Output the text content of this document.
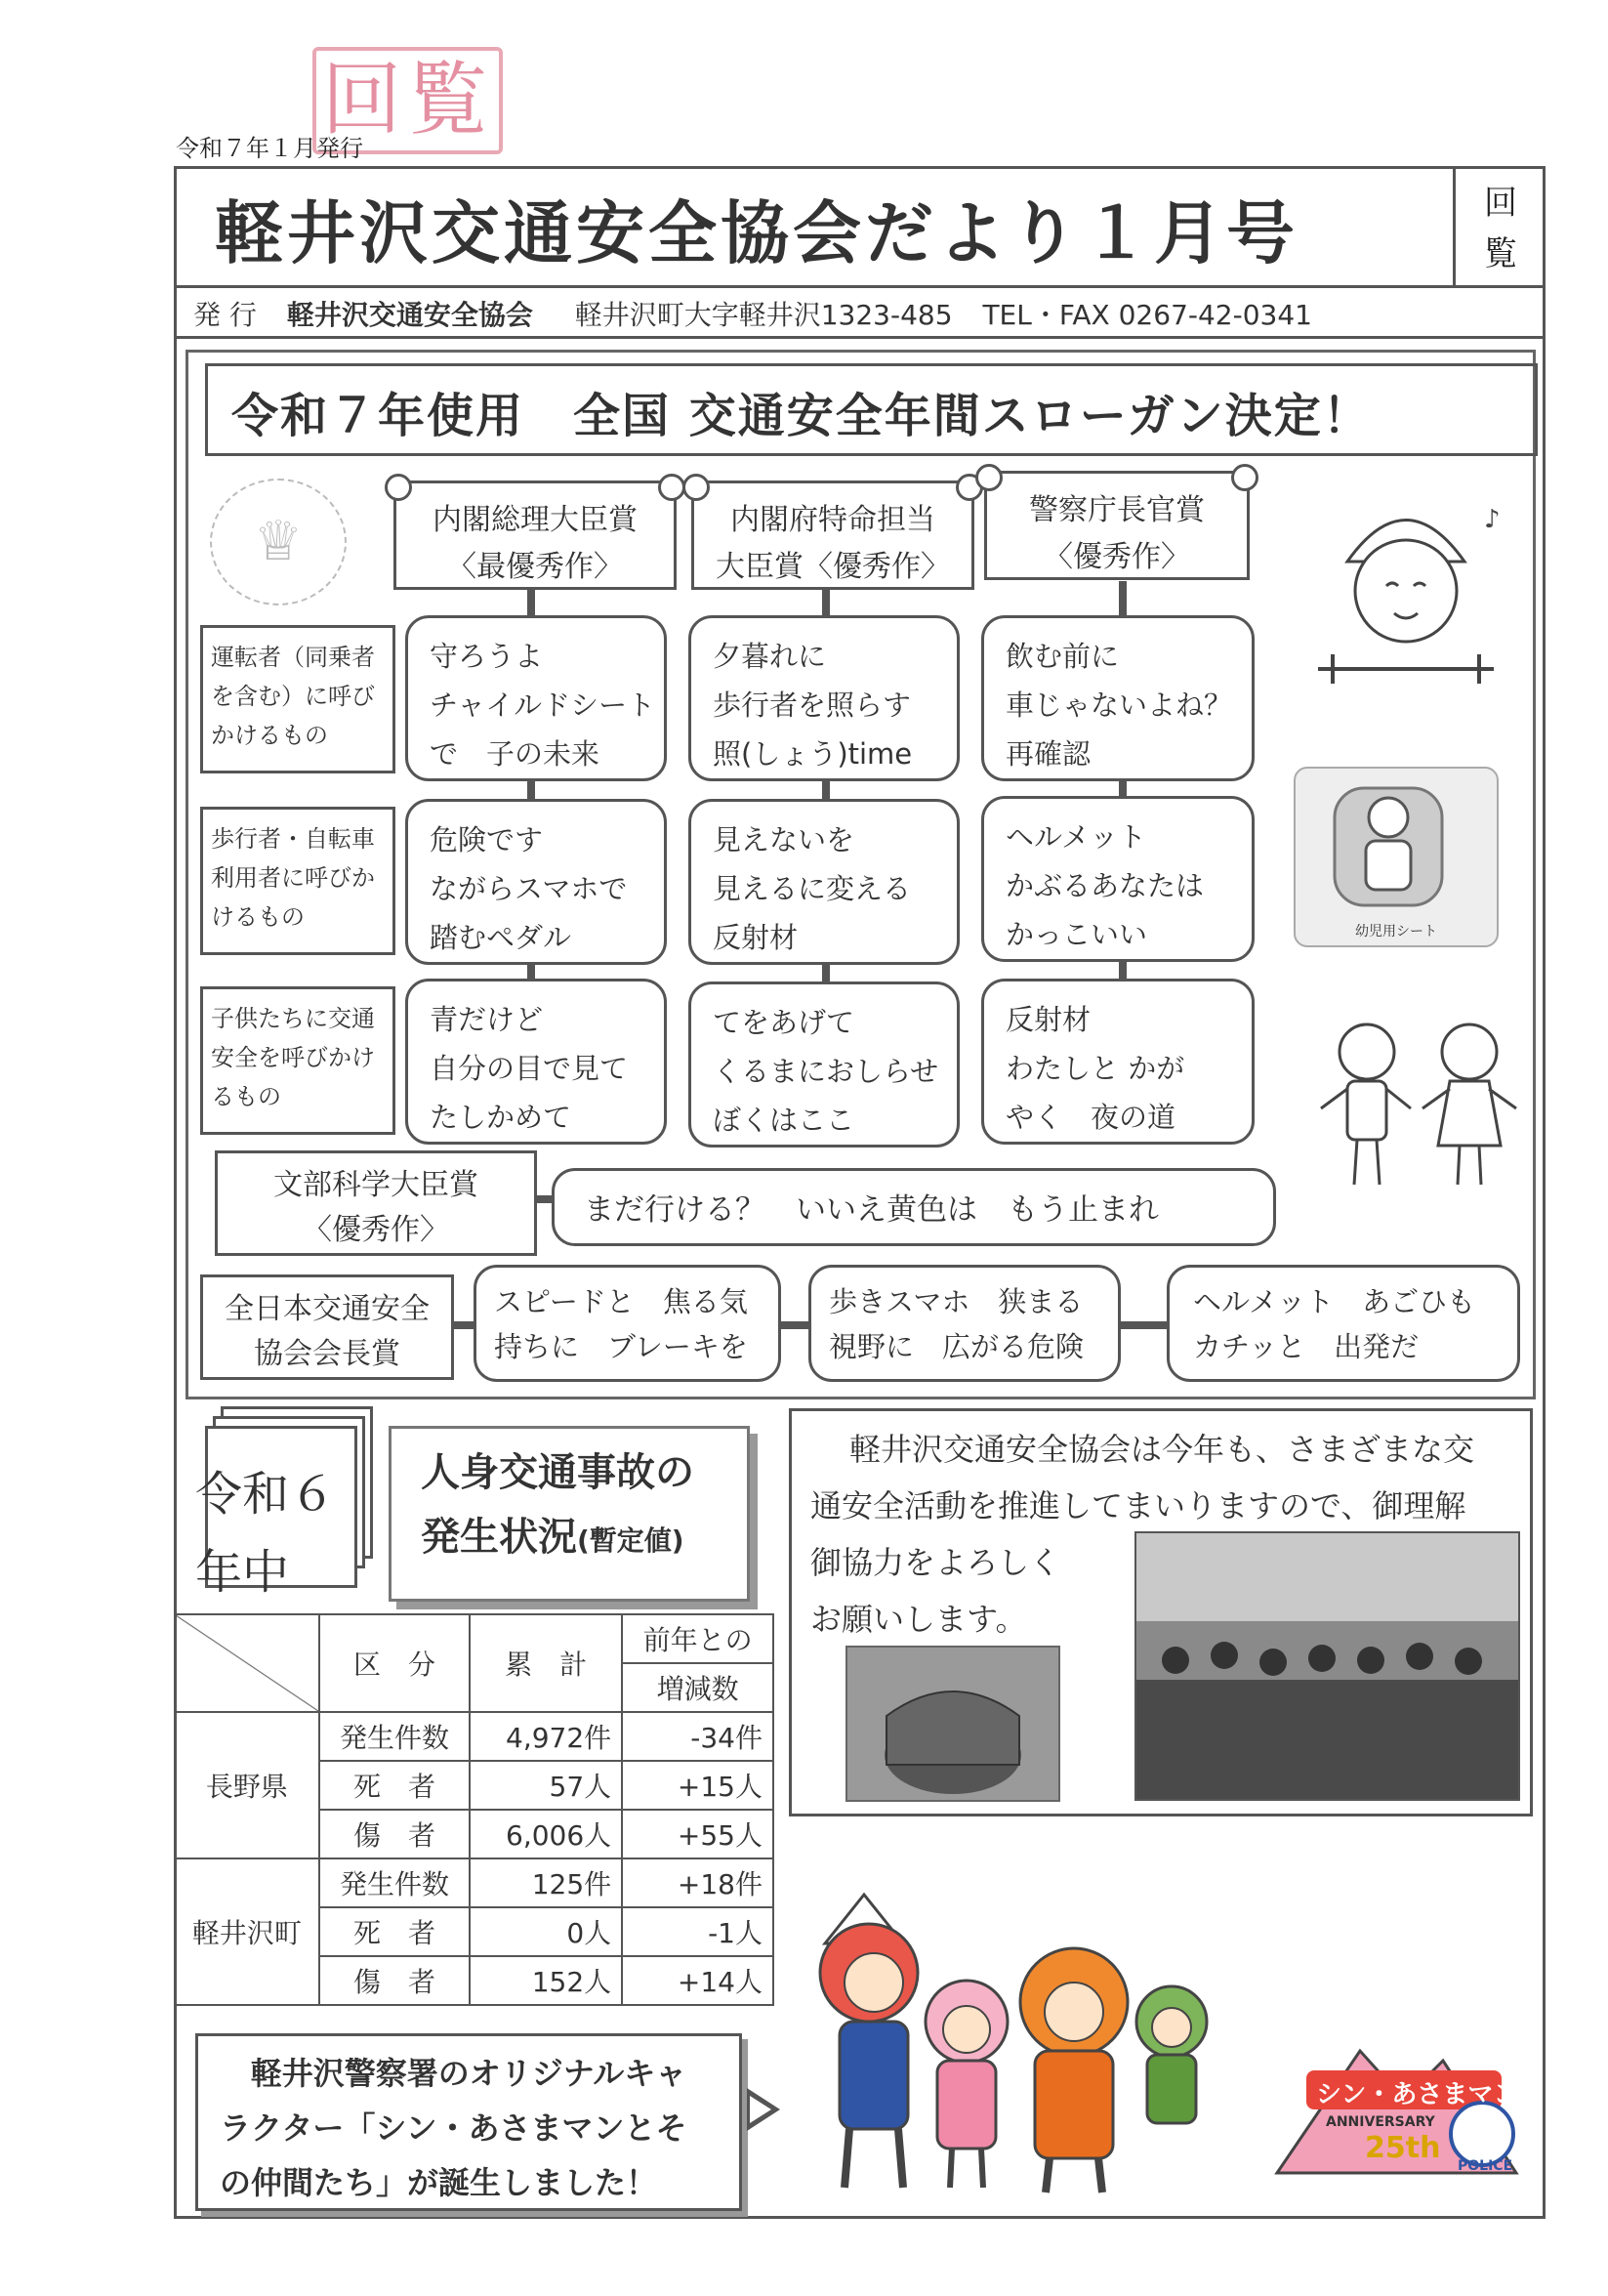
回覧
令和７年１月発行
軽井沢交通安全協会だより１月号	回
覧
発 行 軽井沢交通安全協会 軽井沢町大字軽井沢1323-485 TEL・FAX 0267-42-0341
令和７年使用　全国 交通安全年間スローガン決定！
♕	内閣総理大臣賞
〈最優秀作〉
内閣府特命担当
大臣賞〈優秀作〉
警察庁長官賞
〈優秀作〉
運転者（同乗者
を含む）に呼び
かけるもの
歩行者・自転車
利用者に呼びか
けるもの
子供たちに交通
安全を呼びかけ
るもの
守ろうよ
チャイルドシート
で　子の未来
夕暮れに
歩行者を照らす
照(しょう)time
飲む前に
車じゃないよね？
再確認
危険です
ながらスマホで
踏むペダル
見えないを
見えるに変える
反射材
ヘルメット
かぶるあなたは
かっこいい
青だけど
自分の目で見て
たしかめて
てをあげて
くるまにおしらせ
ぼくはここ
反射材
わたしと かが
やく　夜の道
文部科学大臣賞
〈優秀作〉
まだ行ける？　いいえ黄色は　もう止まれ
全日本交通安全
協会会長賞
スピードと　焦る気
持ちに　ブレーキを
歩きスマホ　狭まる
視野に　広がる危険
ヘルメット　あごひも
カチッと　出発だ
♪
幼児用シート
令和６
年中
人身交通事故の
発生状況(暫定値)
軽井沢交通安全協会は今年も、さまざまな交
通安全活動を推進してまいりますので、御理解
御協力をよろしく
お願いします。
	区　分	累　計	前年との
			増減数
長野県	発生件数	4,972件	-34件
	死　者	57人	+15人
	傷　者	6,006人	+55人
軽井沢町	発生件数	125件	+18件
	死　者	0人	-1人
	傷　者	152人	+14人
軽井沢警察署のオリジナルキャ
ラクター「シン・あさまマンとそ
の仲間たち」が誕生しました！
シン・あさまマン
ANNIVERSARY
25th
POLICE
